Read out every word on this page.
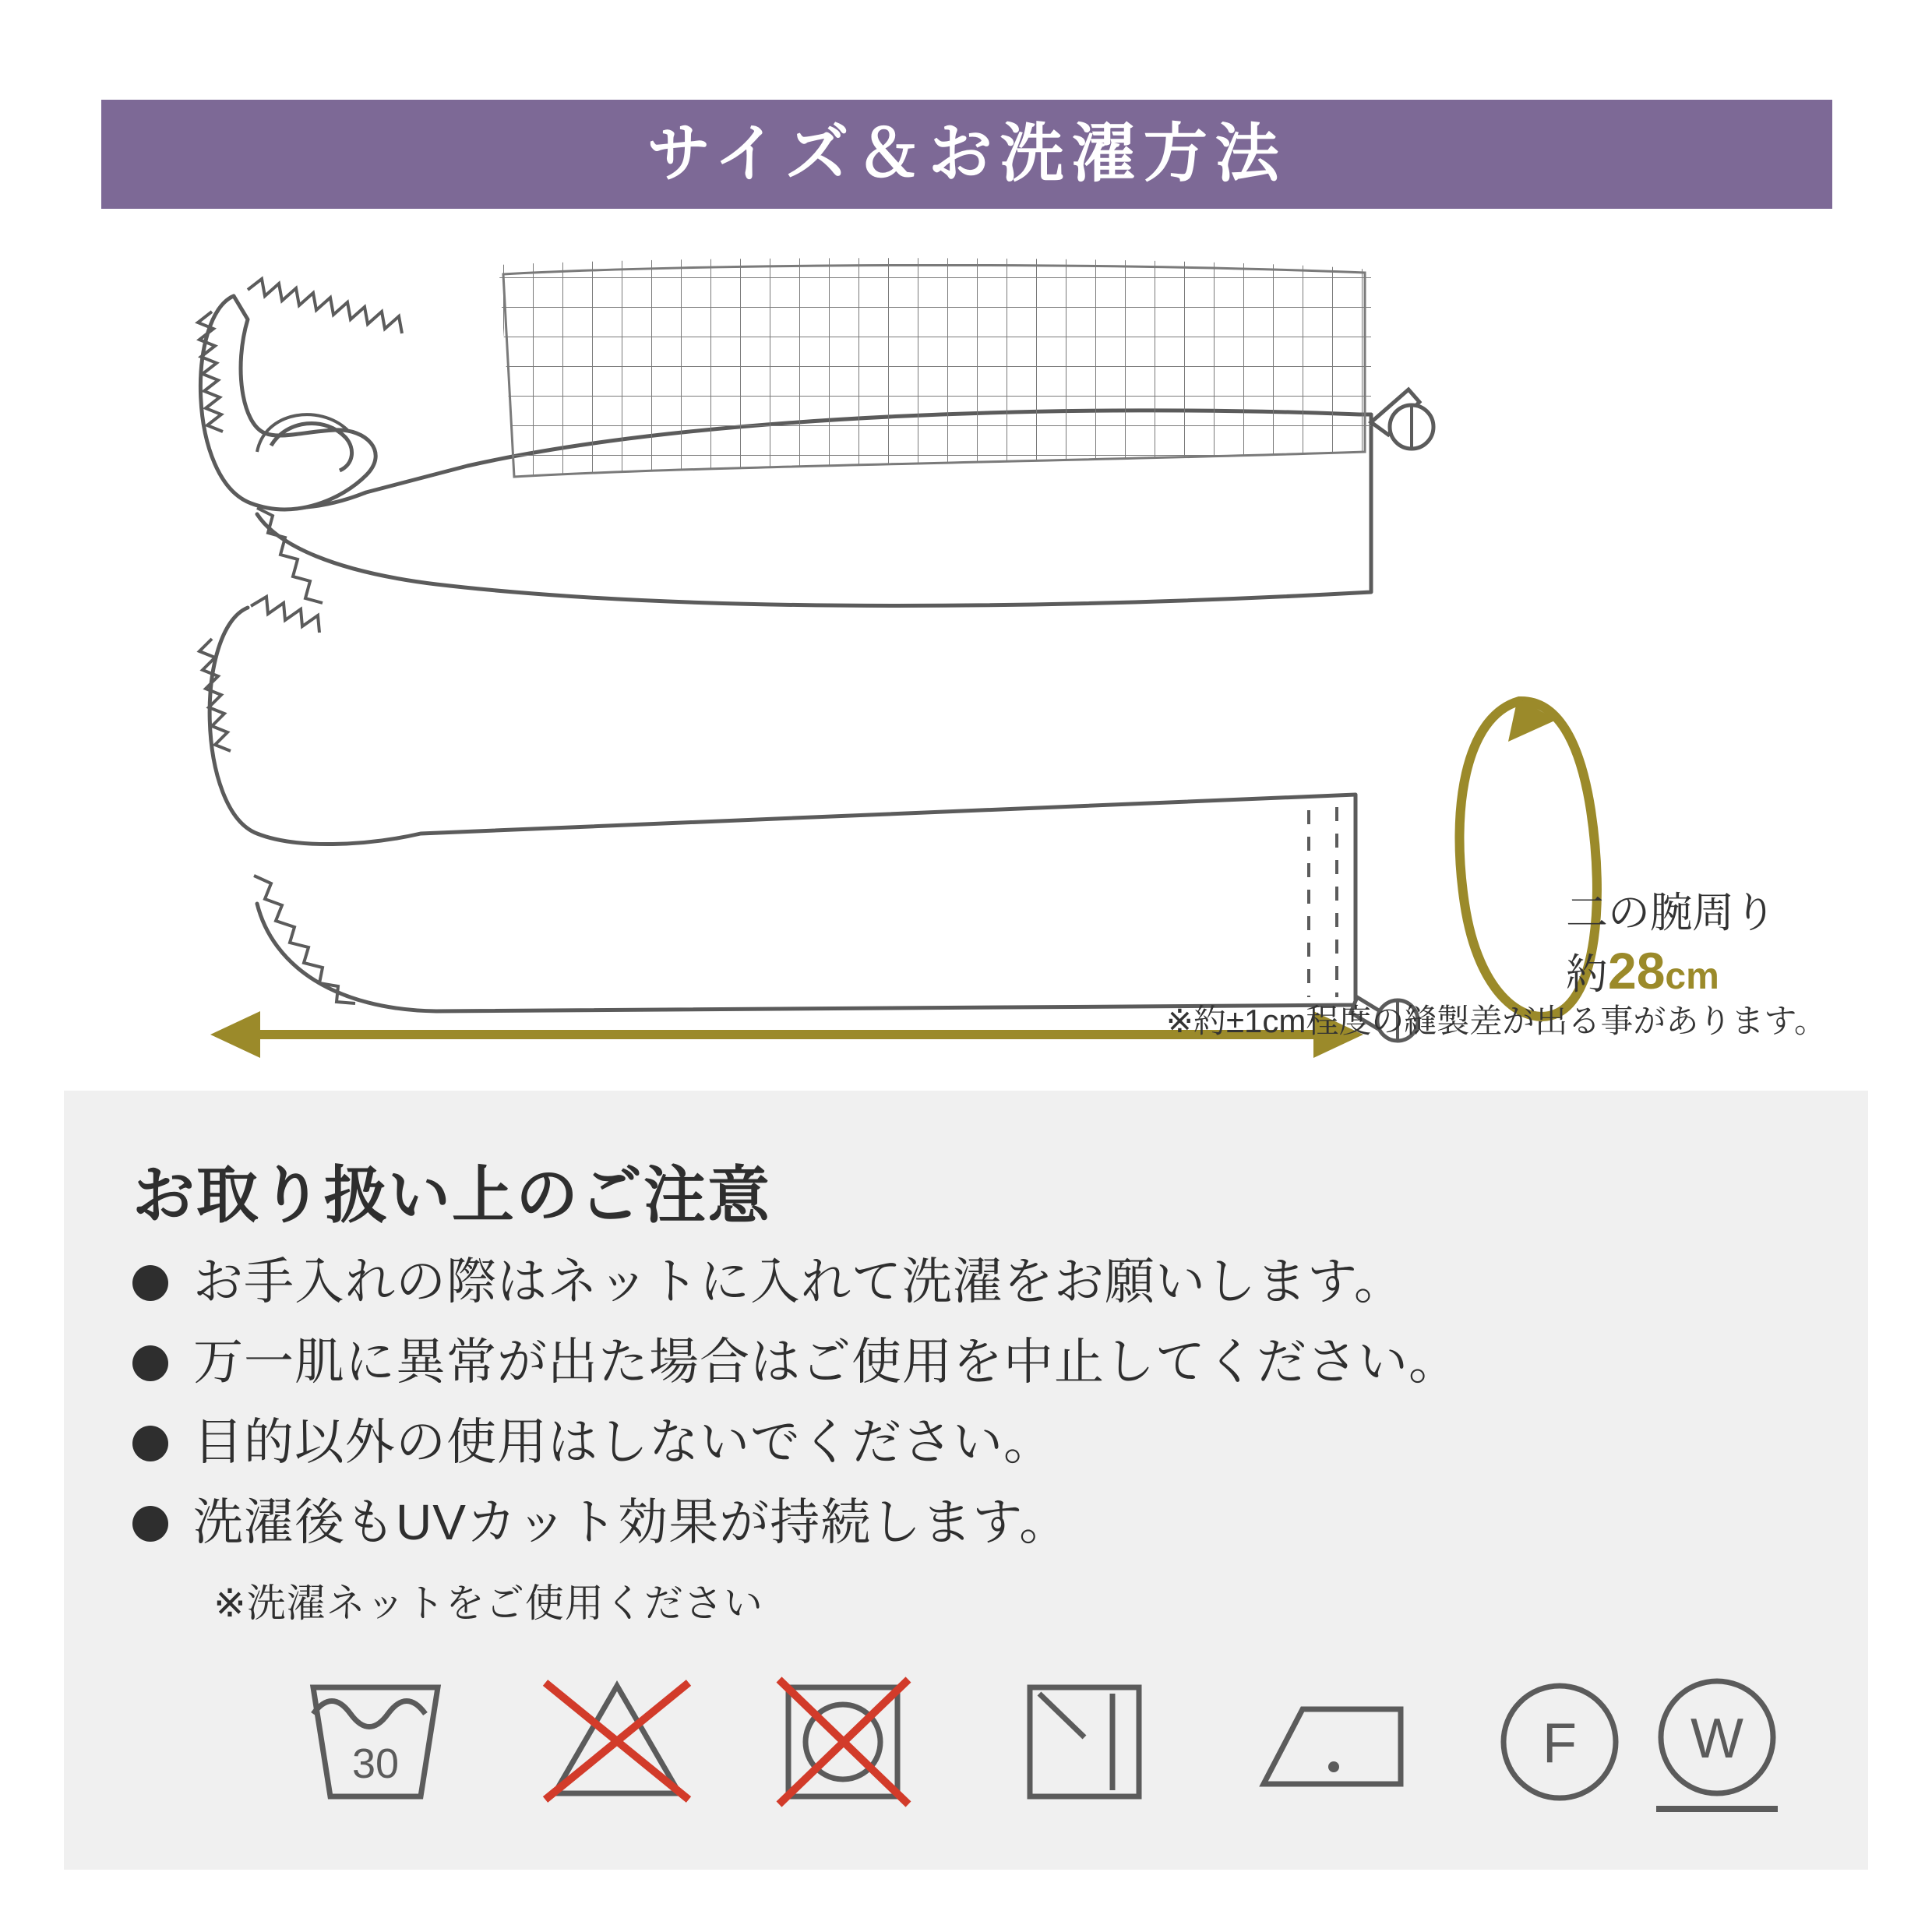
サイズ＆お洗濯方法
二の腕周り
約28cm

※約±1cm程度の縫製差が出る事があります。
お取り扱い上のご注意
お手入れの際はネットに入れて洗濯をお願いします。
万一肌に異常が出た場合はご使用を中止してください。
目的以外の使用はしないでください。
洗濯後もUVカット効果が持続します。
※洗濯ネットをご使用ください
30	F W
